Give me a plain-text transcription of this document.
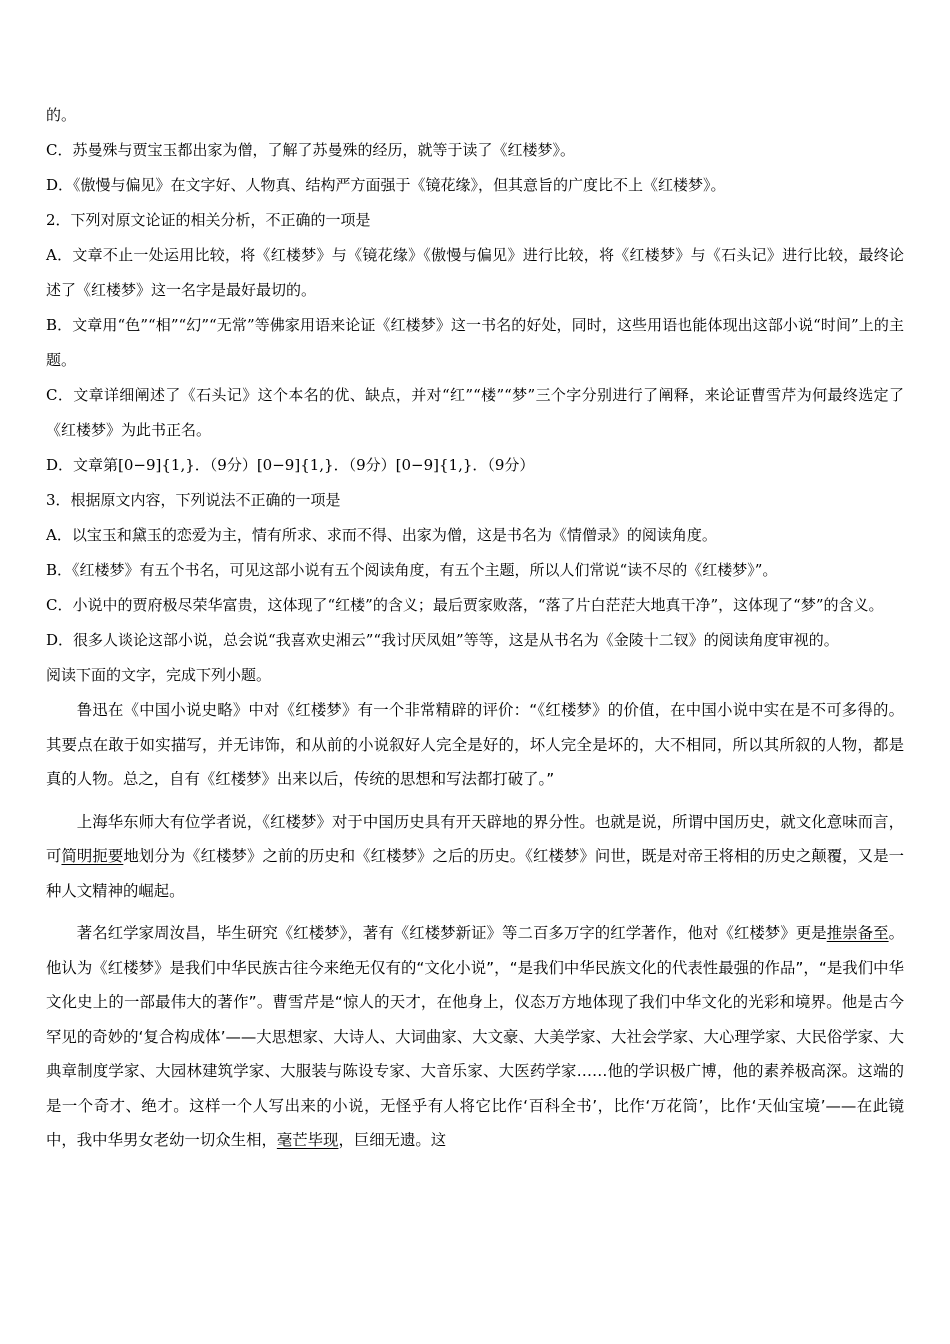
的。
C．苏曼殊与贾宝玉都出家为僧，了解了苏曼殊的经历，就等于读了《红楼梦》。
D．《傲慢与偏见》在文字好、人物真、结构严方面强于《镜花缘》，但其意旨的广度比不上《红楼梦》。
2．下列对原文论证的相关分析，不正确的一项是
A．文章不止一处运用比较，将《红楼梦》与《镜花缘》《傲慢与偏见》进行比较，将《红楼梦》与《石头记》进行比较，最终论述了《红楼梦》这一名字是最好最切的。
B．文章用“色”“相”“幻”“无常”等佛家用语来论证《红楼梦》这一书名的好处，同时，这些用语也能体现出这部小说“时间”上的主题。
C．文章详细阐述了《石头记》这个本名的优、缺点，并对“红”“楼”“梦”三个字分别进行了阐释，来论证曹雪芹为何最终选定了《红楼梦》为此书正名。
D．文章第[0−9]{1,}．（9分）[0−9]{1,}．（9分）[0−9]{1,}．（9分）
3．根据原文内容，下列说法不正确的一项是
A．以宝玉和黛玉的恋爱为主，情有所求、求而不得、出家为僧，这是书名为《情僧录》的阅读角度。
B．《红楼梦》有五个书名，可见这部小说有五个阅读角度，有五个主题，所以人们常说“读不尽的《红楼梦》”。
C．小说中的贾府极尽荣华富贵，这体现了“红楼”的含义；最后贾家败落，“落了片白茫茫大地真干净”，这体现了“梦”的含义。
D．很多人谈论这部小说，总会说“我喜欢史湘云”“我讨厌凤姐”等等，这是从书名为《金陵十二钗》的阅读角度审视的。
阅读下面的文字，完成下列小题。

鲁迅在《中国小说史略》中对《红楼梦》有一个非常精辟的评价：“《红楼梦》的价值，在中国小说中实在是不可多得的。其要点在敢于如实描写，并无讳饰，和从前的小说叙好人完全是好的，坏人完全是坏的，大不相同，所以其所叙的人物，都是真的人物。总之，自有《红楼梦》出来以后，传统的思想和写法都打破了。”

上海华东师大有位学者说，《红楼梦》对于中国历史具有开天辟地的界分性。也就是说，所谓中国历史，就文化意味而言，可简明扼要地划分为《红楼梦》之前的历史和《红楼梦》之后的历史。《红楼梦》问世，既是对帝王将相的历史之颠覆，又是一种人文精神的崛起。

著名红学家周汝昌，毕生研究《红楼梦》，著有《红楼梦新证》等二百多万字的红学著作，他对《红楼梦》更是推崇备至。他认为《红楼梦》是我们中华民族古往今来绝无仅有的“文化小说”，“是我们中华民族文化的代表性最强的作品”，“是我们中华文化史上的一部最伟大的著作”。曹雪芹是“惊人的天才，在他身上，仪态万方地体现了我们中华文化的光彩和境界。他是古今罕见的奇妙的‘复合构成体’——大思想家、大诗人、大词曲家、大文豪、大美学家、大社会学家、大心理学家、大民俗学家、大典章制度学家、大园林建筑学家、大服装与陈设专家、大音乐家、大医药学家……他的学识极广博，他的素养极高深。这端的是一个奇才、绝才。这样一个人写出来的小说，无怪乎有人将它比作‘百科全书’，比作‘万花筒’，比作‘天仙宝境’——在此镜中，我中华男女老幼一切众生相，毫芒毕现，巨细无遗。这
